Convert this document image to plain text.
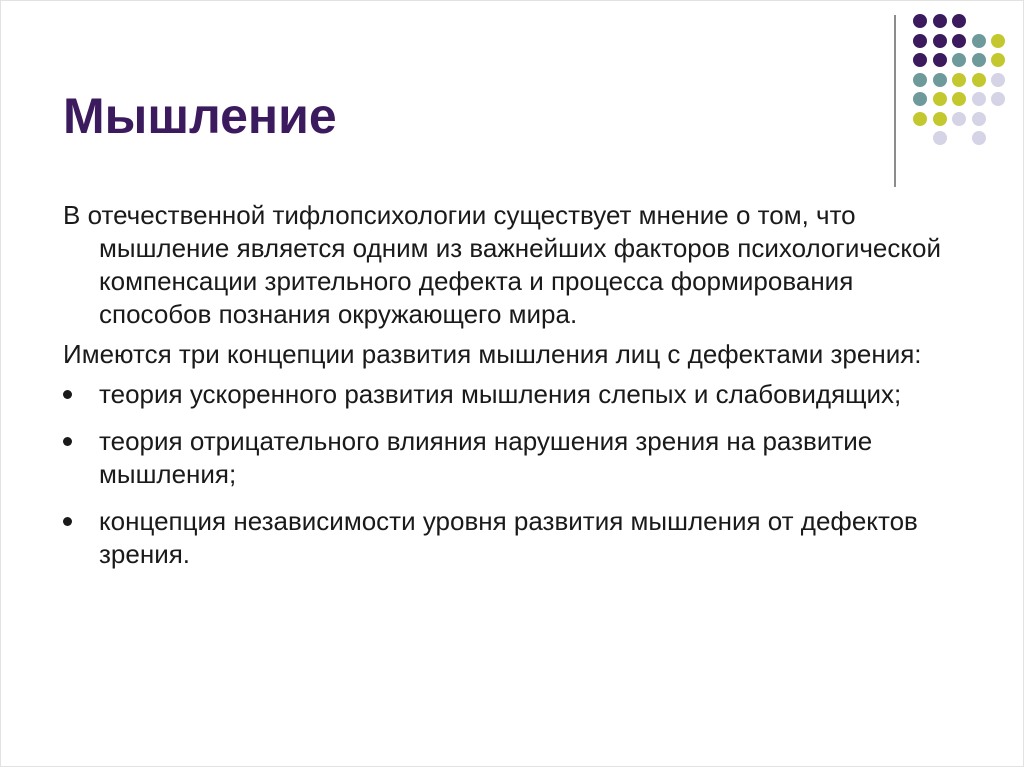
Мышление

В отечественной тифлопсихологии существует мнение о том, что мышление является одним из важнейших факторов психологической компенсации зрительного дефекта и процесса формирования способов познания окружающего мира.

Имеются три концепции развития мышления лиц с дефектами зрения:

теория ускоренного развития мышления слепых и слабовидящих;
теория отрицательного влияния нарушения зрения на развитие мышления;
концепция независимости уровня развития мышления от дефектов зрения.
